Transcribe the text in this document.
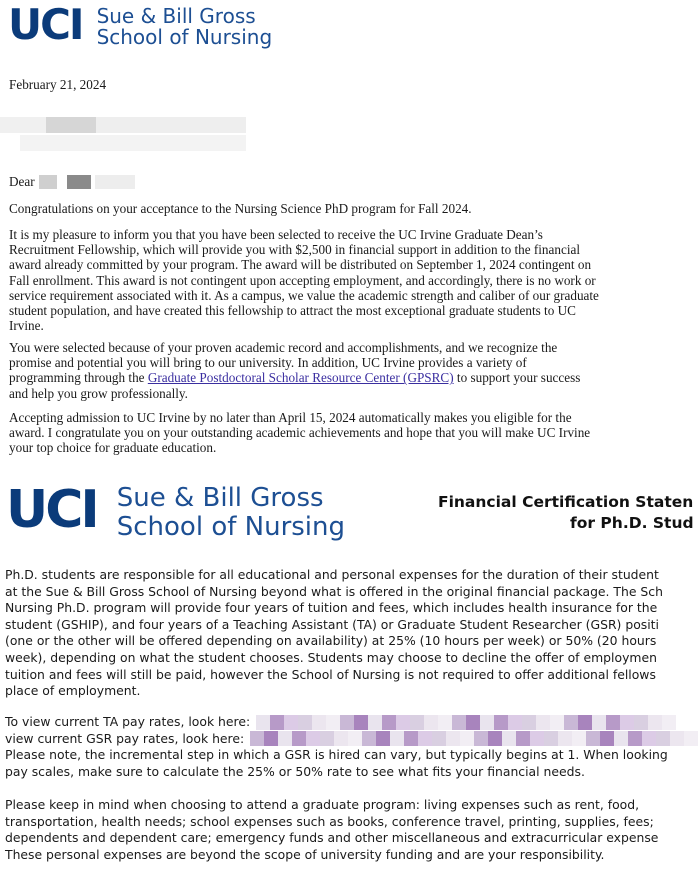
UCI Sue & Bill Gross
School of Nursing
February 21, 2024
Dear
Congratulations on your acceptance to the Nursing Science PhD program for Fall 2024.

It is my pleasure to inform you that you have been selected to receive the UC Irvine Graduate Dean’s

Recruitment Fellowship, which will provide you with $2,500 in financial support in addition to the financial

award already committed by your program. The award will be distributed on September 1, 2024 contingent on

Fall enrollment. This award is not contingent upon accepting employment, and accordingly, there is no work or

service requirement associated with it. As a campus, we value the academic strength and caliber of our graduate

student population, and have created this fellowship to attract the most exceptional graduate students to UC

Irvine.

You were selected because of your proven academic record and accomplishments, and we recognize the

promise and potential you will bring to our university. In addition, UC Irvine provides a variety of

programming through the Graduate Postdoctoral Scholar Resource Center (GPSRC) to support your success

and help you grow professionally.

Accepting admission to UC Irvine by no later than April 15, 2024 automatically makes you eligible for the

award. I congratulate you on your outstanding academic achievements and hope that you will make UC Irvine

your top choice for graduate education.

UCI Sue & Bill Gross
School of Nursing
Financial Certification Staten
for Ph.D. Stud

Ph.D. students are responsible for all educational and personal expenses for the duration of their student

at the Sue & Bill Gross School of Nursing beyond what is offered in the original financial package. The Sch

Nursing Ph.D. program will provide four years of tuition and fees, which includes health insurance for the

student (GSHIP), and four years of a Teaching Assistant (TA) or Graduate Student Researcher (GSR) positi

(one or the other will be offered depending on availability) at 25% (10 hours per week) or 50% (20 hours

week), depending on what the student chooses. Students may choose to decline the offer of employmen

tuition and fees will still be paid, however the School of Nursing is not required to offer additional fellows

place of employment.

To view current TA pay rates, look here:

view current GSR pay rates, look here:

Please note, the incremental step in which a GSR is hired can vary, but typically begins at 1. When looking

pay scales, make sure to calculate the 25% or 50% rate to see what fits your financial needs.

Please keep in mind when choosing to attend a graduate program: living expenses such as rent, food,

transportation, health needs; school expenses such as books, conference travel, printing, supplies, fees;

dependents and dependent care; emergency funds and other miscellaneous and extracurricular expense

These personal expenses are beyond the scope of university funding and are your responsibility.
